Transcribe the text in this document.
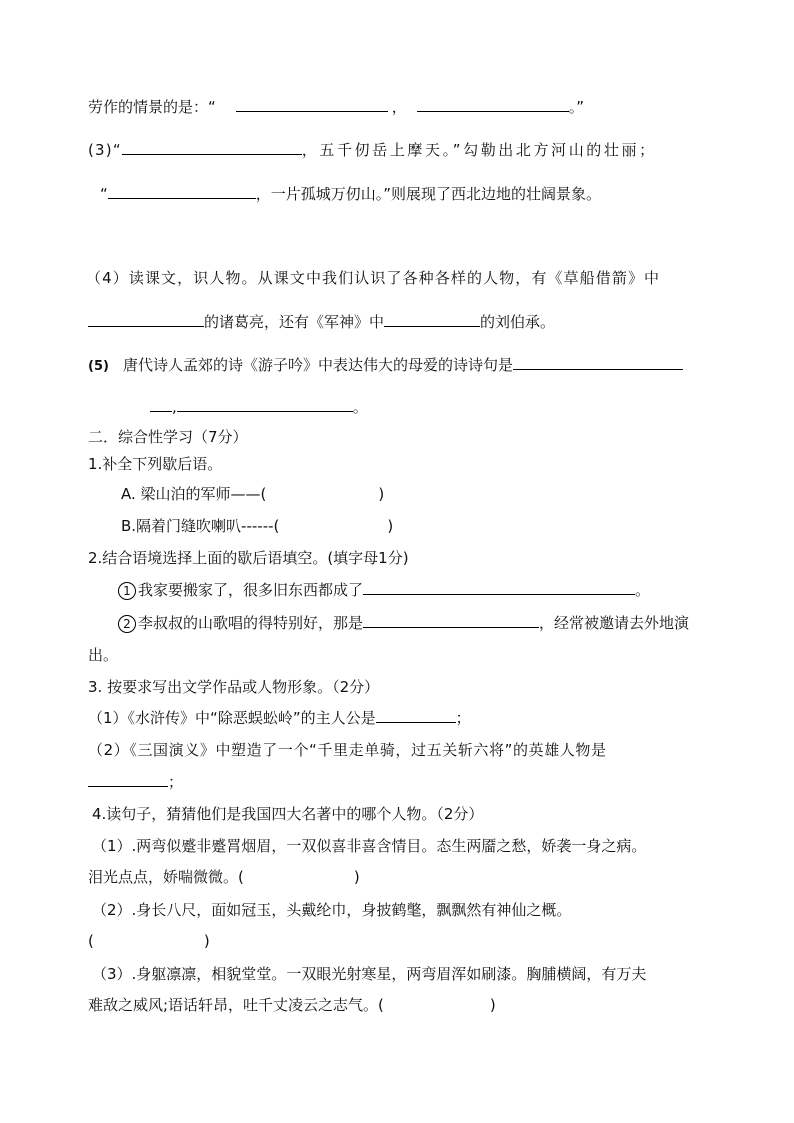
劳作的情景的是：“	，	。”
(3)“	，五千仞岳上摩天。”勾勒出北方河山的壮丽；
“	，一片孤城万仞山。”则展现了西北边地的壮阔景象。
（4）读课文，识人物。从课文中我们认识了各种各样的人物，有《草船借箭》中
的诸葛亮，还有《军神》中	的刘伯承。
(5) 唐代诗人孟郊的诗《游子吟》中表达伟大的母爱的诗诗句是
,	。
二．综合性学习（7分）
1.补全下列歇后语。
A. 梁山泊的军师——(	)
B.隔着门缝吹喇叭------(	)
2.结合语境选择上面的歇后语填空。(填字母1分)
1 我家要搬家了，很多旧东西都成了	。
2 李叔叔的山歌唱的得特别好，那是	，经常被邀请去外地演
出。
3. 按要求写出文学作品或人物形象。（2分）
（1）《水浒传》中“除恶蜈蚣岭”的主人公是	；
（2）《三国演义》中塑造了一个“千里走单骑，过五关斩六将”的英雄人物是
；
4.读句子，猜猜他们是我国四大名著中的哪个人物。（2分）
（1）.两弯似蹙非蹙罥烟眉，一双似喜非喜含情目。态生两靥之愁，娇袭一身之病。
泪光点点，娇喘微微。(	)
（2）.身长八尺，面如冠玉，头戴纶巾，身披鹤氅，飘飘然有神仙之概。
(	)
（3）.身躯凛凛，相貌堂堂。一双眼光射寒星，两弯眉浑如刷漆。胸脯横阔，有万夫
难敌之威风;语话轩昂，吐千丈凌云之志气。(	)
